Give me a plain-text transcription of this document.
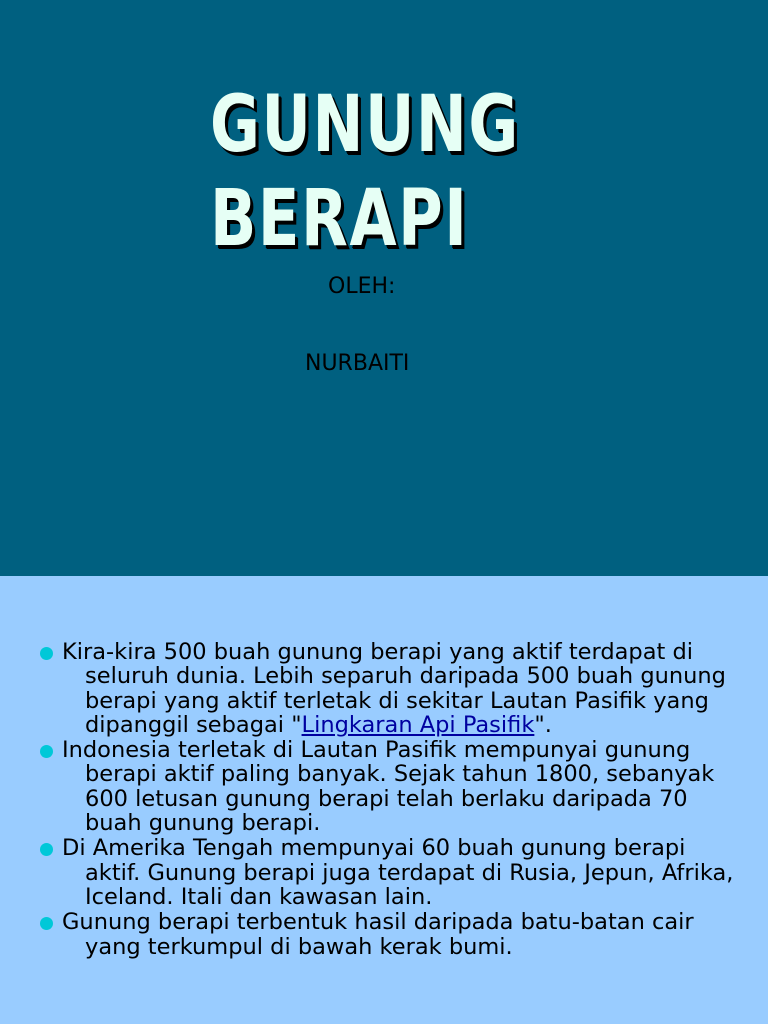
GUNUNG
BERAPI
OLEH:
NURBAITI
Kira-kira 500 buah gunung berapi yang aktif terdapat di seluruh dunia. Lebih separuh daripada 500 buah gunung berapi yang aktif terletak di sekitar Lautan Pasifik yang dipanggil sebagai "Lingkaran Api Pasifik".
Indonesia terletak di Lautan Pasifik mempunyai gunung berapi aktif paling banyak. Sejak tahun 1800, sebanyak 600 letusan gunung berapi telah berlaku daripada 70 buah gunung berapi.
Di Amerika Tengah mempunyai 60 buah gunung berapi aktif. Gunung berapi juga terdapat di Rusia, Jepun, Afrika, Iceland. Itali dan kawasan lain.
Gunung berapi terbentuk hasil daripada batu-batan cair yang terkumpul di bawah kerak bumi.
